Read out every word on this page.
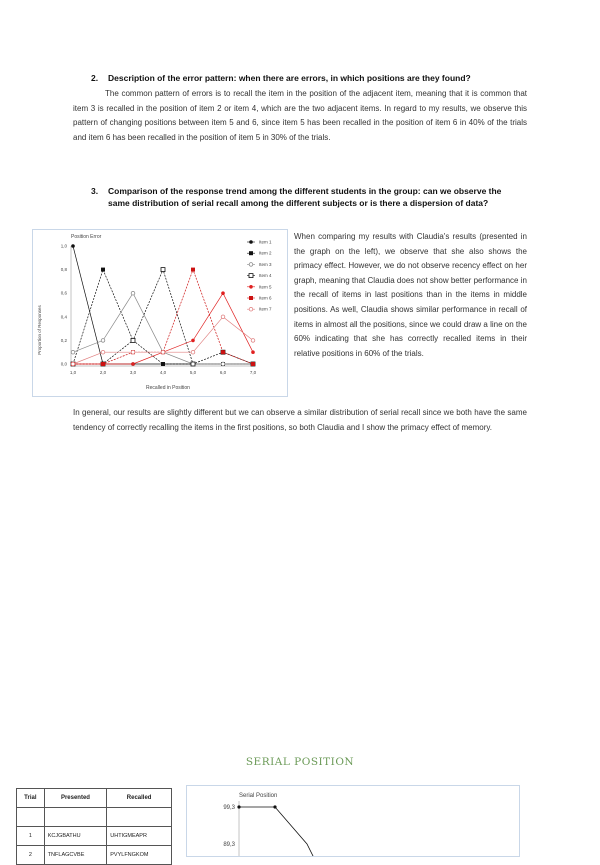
2. Description of the error pattern: when there are errors, in which positions are they found?
The common pattern of errors is to recall the item in the position of the adjacent item, meaning that it is common that item 3 is recalled in the position of item 2 or item 4, which are the two adjacent items. In regard to my results, we observe this pattern of changing positions between item 5 and 6, since item 5 has been recalled in the position of item 6 in 40% of the trials and item 6 has been recalled in the position of item 5 in 30% of the trials.
3. Comparison of the response trend among the different students in the group: can we observe the
same distribution of serial recall among the different subjects or is there a dispersion of data?
Position Error
Proportion of Responses
Recalled in Position
1,0
0,8
0,6
0,4
0,2
0,0
1,0	2,0	3,0	4,0	5,0	6,0	7,0
Item 1
Item 2
Item 3
Item 4
Item 5
Item 6
Item 7
When comparing my results with Claudia's results (presented in the graph on the left), we observe that she also shows the primacy effect. However, we do not observe recency effect on her graph, meaning that Claudia does not show better performance in the recall of items in last positions than in the items in middle positions. As well, Claudia shows similar performance in recall of items in almost all the positions, since we could draw a line on the 60% indicating that she has correctly recalled items in their relative positions in 60% of the trials.
In general, our results are slightly different but we can observe a similar distribution of serial recall since we both have the same tendency of correctly recalling the items in the first positions, so both Claudia and I show the primacy effect of memory.
SERIAL POSITION
Trial	Presented	Recalled

1	KCJGBATHU	UHTIGMEAPR
2	TNFLAGCVBE	PVYLFNGKOM
Serial Position
99,3
89,3
